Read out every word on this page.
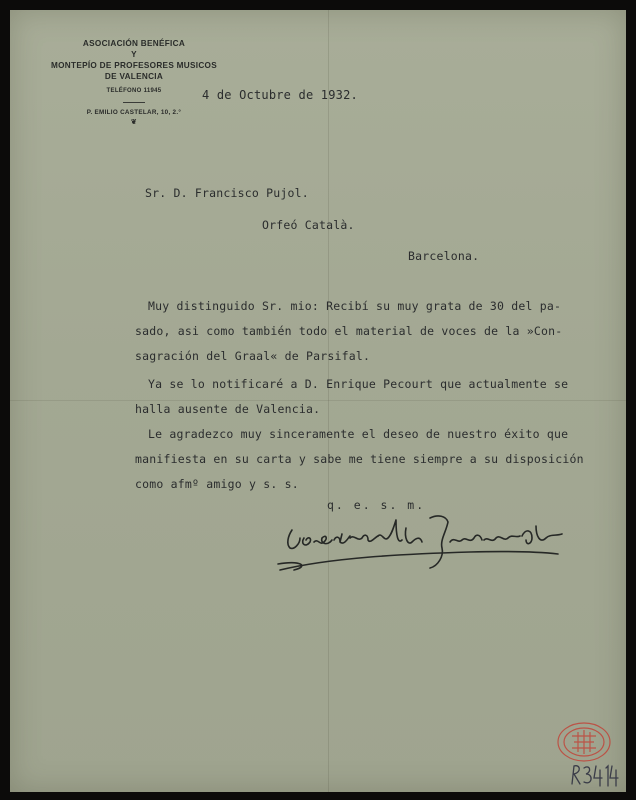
ASOCIACIÓN BENÉFICA
Y
MONTEPÍO DE PROFESORES MUSICOS
DE VALENCIA
TELÉFONO 11945
P. EMILIO CASTELAR, 10, 2.°
❦
4 de Octubre de 1932.
Sr. D. Francisco Pujol.
Orfeó Català.
Barcelona.
Muy distinguido Sr. mio: Recibí su muy grata de 30 del pa-
sado, asi como también todo el material de voces de la »Con-
sagración del Graal« de Parsifal.
Ya se lo notificaré a D. Enrique Pecourt que actualmente se
halla ausente de Valencia.
Le agradezco muy sinceramente el deseo de nuestro éxito que
manifiesta en su carta y sabe me tiene siempre a su disposición
como afmº amigo y s. s.
q. e. s. m.
